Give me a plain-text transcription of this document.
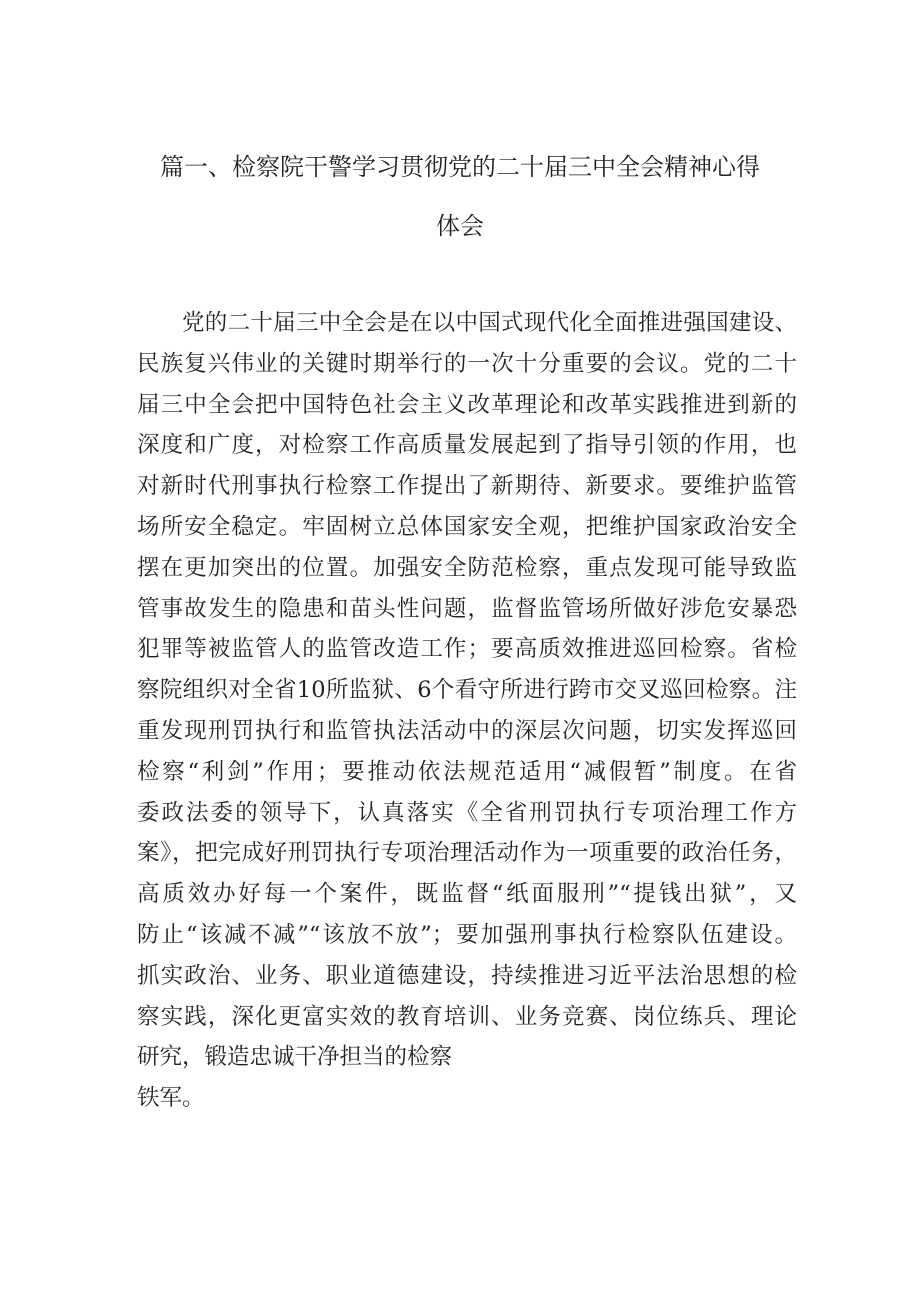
篇一、检察院干警学习贯彻党的二十届三中全会精神心得
体会
党的二十届三中全会是在以中国式现代化全面推进强国建设、
民族复兴伟业的关键时期举行的一次十分重要的会议。党的二十
届三中全会把中国特色社会主义改革理论和改革实践推进到新的
深度和广度，对检察工作高质量发展起到了指导引领的作用，也
对新时代刑事执行检察工作提出了新期待、新要求。要维护监管
场所安全稳定。牢固树立总体国家安全观，把维护国家政治安全
摆在更加突出的位置。加强安全防范检察，重点发现可能导致监
管事故发生的隐患和苗头性问题，监督监管场所做好涉危安暴恐
犯罪等被监管人的监管改造工作；要高质效推进巡回检察。省检
察院组织对全省10所监狱、6个看守所进行跨市交叉巡回检察。注
重发现刑罚执行和监管执法活动中的深层次问题，切实发挥巡回
检察“利剑”作用；要推动依法规范适用“减假暂”制度。在省
委政法委的领导下，认真落实《全省刑罚执行专项治理工作方
案》，把完成好刑罚执行专项治理活动作为一项重要的政治任务，
高质效办好每一个案件，既监督“纸面服刑”“提钱出狱”，又
防止“该减不减”“该放不放”；要加强刑事执行检察队伍建设。
抓实政治、业务、职业道德建设，持续推进习近平法治思想的检
察实践，深化更富实效的教育培训、业务竞赛、岗位练兵、理论
研究，锻造忠诚干净担当的检察
铁军。
